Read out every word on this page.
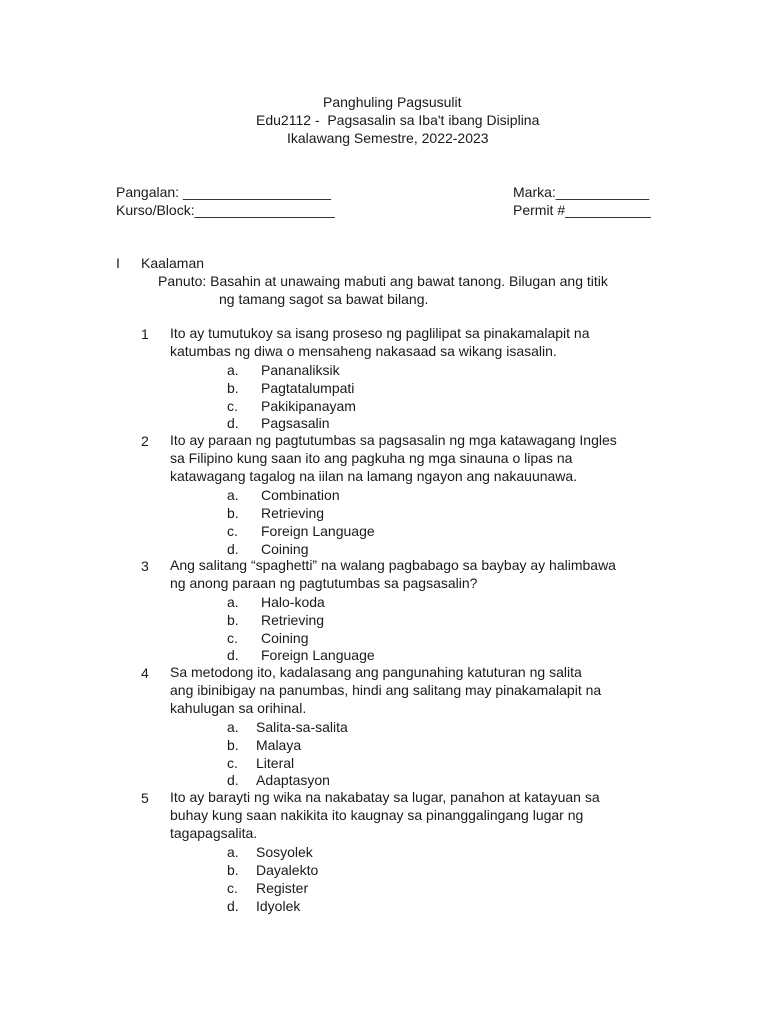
Panghuling Pagsusulit
Edu2112 -  Pagsasalin sa Iba't ibang Disiplina
Ikalawang Semestre, 2022-2023
Pangalan: ___________________
Kurso/Block:__________________
Marka:____________
Permit #___________
I Kaalaman
Panuto: Basahin at unawaing mabuti ang bawat tanong. Bilugan ang titik
ng tamang sagot sa bawat bilang.
1 Ito ay tumutukoy sa isang proseso ng paglilipat sa pinakamalapit na
katumbas ng diwa o mensaheng nakasaad sa wikang isasalin.
a. Pananaliksik
b. Pagtatalumpati
c. Pakikipanayam
d. Pagsasalin
2 Ito ay paraan ng pagtutumbas sa pagsasalin ng mga katawagang Ingles
sa Filipino kung saan ito ang pagkuha ng mga sinauna o lipas na
katawagang tagalog na iilan na lamang ngayon ang nakauunawa.
a. Combination
b. Retrieving
c. Foreign Language
d. Coining
3 Ang salitang “spaghetti” na walang pagbabago sa baybay ay halimbawa
ng anong paraan ng pagtutumbas sa pagsasalin?
a. Halo-koda
b. Retrieving
c. Coining
d. Foreign Language
4 Sa metodong ito, kadalasang ang pangunahing katuturan ng salita
ang ibinibigay na panumbas, hindi ang salitang may pinakamalapit na
kahulugan sa orihinal.
a. Salita-sa-salita
b. Malaya
c. Literal
d. Adaptasyon
5 Ito ay barayti ng wika na nakabatay sa lugar, panahon at katayuan sa
buhay kung saan nakikita ito kaugnay sa pinanggalingang lugar ng
tagapagsalita.
a. Sosyolek
b. Dayalekto
c. Register
d. Idyolek
